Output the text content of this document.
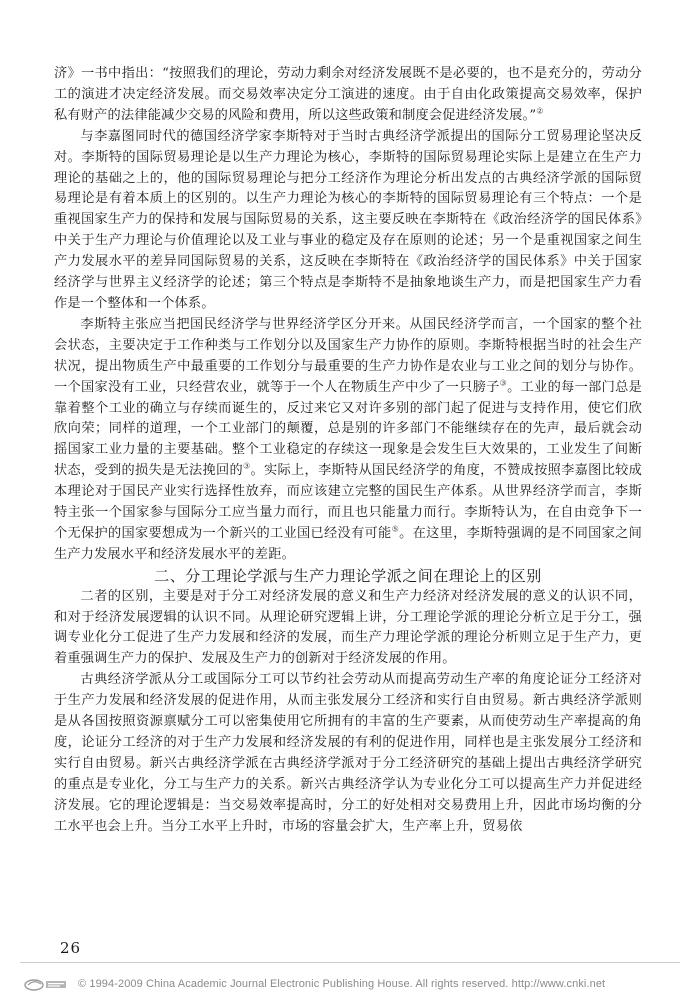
济》一书中指出：“按照我们的理论，劳动力剩余对经济发展既不是必要的，也不是充分的，劳动分工的演进才决定经济发展。而交易效率决定分工演进的速度。由于自由化政策提高交易效率，保护私有财产的法律能减少交易的风险和费用，所以这些政策和制度会促进经济发展。”②

与李嘉图同时代的德国经济学家李斯特对于当时古典经济学派提出的国际分工贸易理论坚决反对。李斯特的国际贸易理论是以生产力理论为核心，李斯特的国际贸易理论实际上是建立在生产力理论的基础之上的，他的国际贸易理论与把分工经济作为理论分析出发点的古典经济学派的国际贸易理论是有着本质上的区别的。以生产力理论为核心的李斯特的国际贸易理论有三个特点：一个是重视国家生产力的保持和发展与国际贸易的关系，这主要反映在李斯特在《政治经济学的国民体系》中关于生产力理论与价值理论以及工业与事业的稳定及存在原则的论述；另一个是重视国家之间生产力发展水平的差异同国际贸易的关系，这反映在李斯特在《政治经济学的国民体系》中关于国家经济学与世界主义经济学的论述；第三个特点是李斯特不是抽象地谈生产力，而是把国家生产力看作是一个整体和一个体系。

李斯特主张应当把国民经济学与世界经济学区分开来。从国民经济学而言，一个国家的整个社会状态，主要决定于工作种类与工作划分以及国家生产力协作的原则。李斯特根据当时的社会生产状况，提出物质生产中最重要的工作划分与最重要的生产力协作是农业与工业之间的划分与协作。一个国家没有工业，只经营农业，就等于一个人在物质生产中少了一只膀子③。工业的每一部门总是靠着整个工业的确立与存续而诞生的，反过来它又对许多别的部门起了促进与支持作用，使它们欣欣向荣；同样的道理，一个工业部门的颠覆，总是别的许多部门不能继续存在的先声，最后就会动摇国家工业力量的主要基础。整个工业稳定的存续这一现象是会发生巨大效果的，工业发生了间断状态，受到的损失是无法挽回的③。实际上，李斯特从国民经济学的角度，不赞成按照李嘉图比较成本理论对于国民产业实行选择性放弃，而应该建立完整的国民生产体系。从世界经济学而言，李斯特主张一个国家参与国际分工应当量力而行，而且也只能量力而行。李斯特认为，在自由竞争下一个无保护的国家要想成为一个新兴的工业国已经没有可能⑤。在这里，李斯特强调的是不同国家之间生产力发展水平和经济发展水平的差距。

二、分工理论学派与生产力理论学派之间在理论上的区别

二者的区别，主要是对于分工对经济发展的意义和生产力经济对经济发展的意义的认识不同，和对于经济发展逻辑的认识不同。从理论研究逻辑上讲，分工理论学派的理论分析立足于分工，强调专业化分工促进了生产力发展和经济的发展，而生产力理论学派的理论分析则立足于生产力，更着重强调生产力的保护、发展及生产力的创新对于经济发展的作用。

古典经济学派从分工或国际分工可以节约社会劳动从而提高劳动生产率的角度论证分工经济对于生产力发展和经济发展的促进作用，从而主张发展分工经济和实行自由贸易。新古典经济学派则是从各国按照资源禀赋分工可以密集使用它所拥有的丰富的生产要素，从而使劳动生产率提高的角度，论证分工经济的对于生产力发展和经济发展的有利的促进作用，同样也是主张发展分工经济和实行自由贸易。新兴古典经济学派在古典经济学派对于分工经济研究的基础上提出古典经济学研究的重点是专业化，分工与生产力的关系。新兴古典经济学认为专业化分工可以提高生产力并促进经济发展。它的理论逻辑是：当交易效率提高时，分工的好处相对交易费用上升，因此市场均衡的分工水平也会上升。当分工水平上升时，市场的容量会扩大，生产率上升，贸易依

26
© 1994-2009 China Academic Journal Electronic Publishing House. All rights reserved. http://www.cnki.net
